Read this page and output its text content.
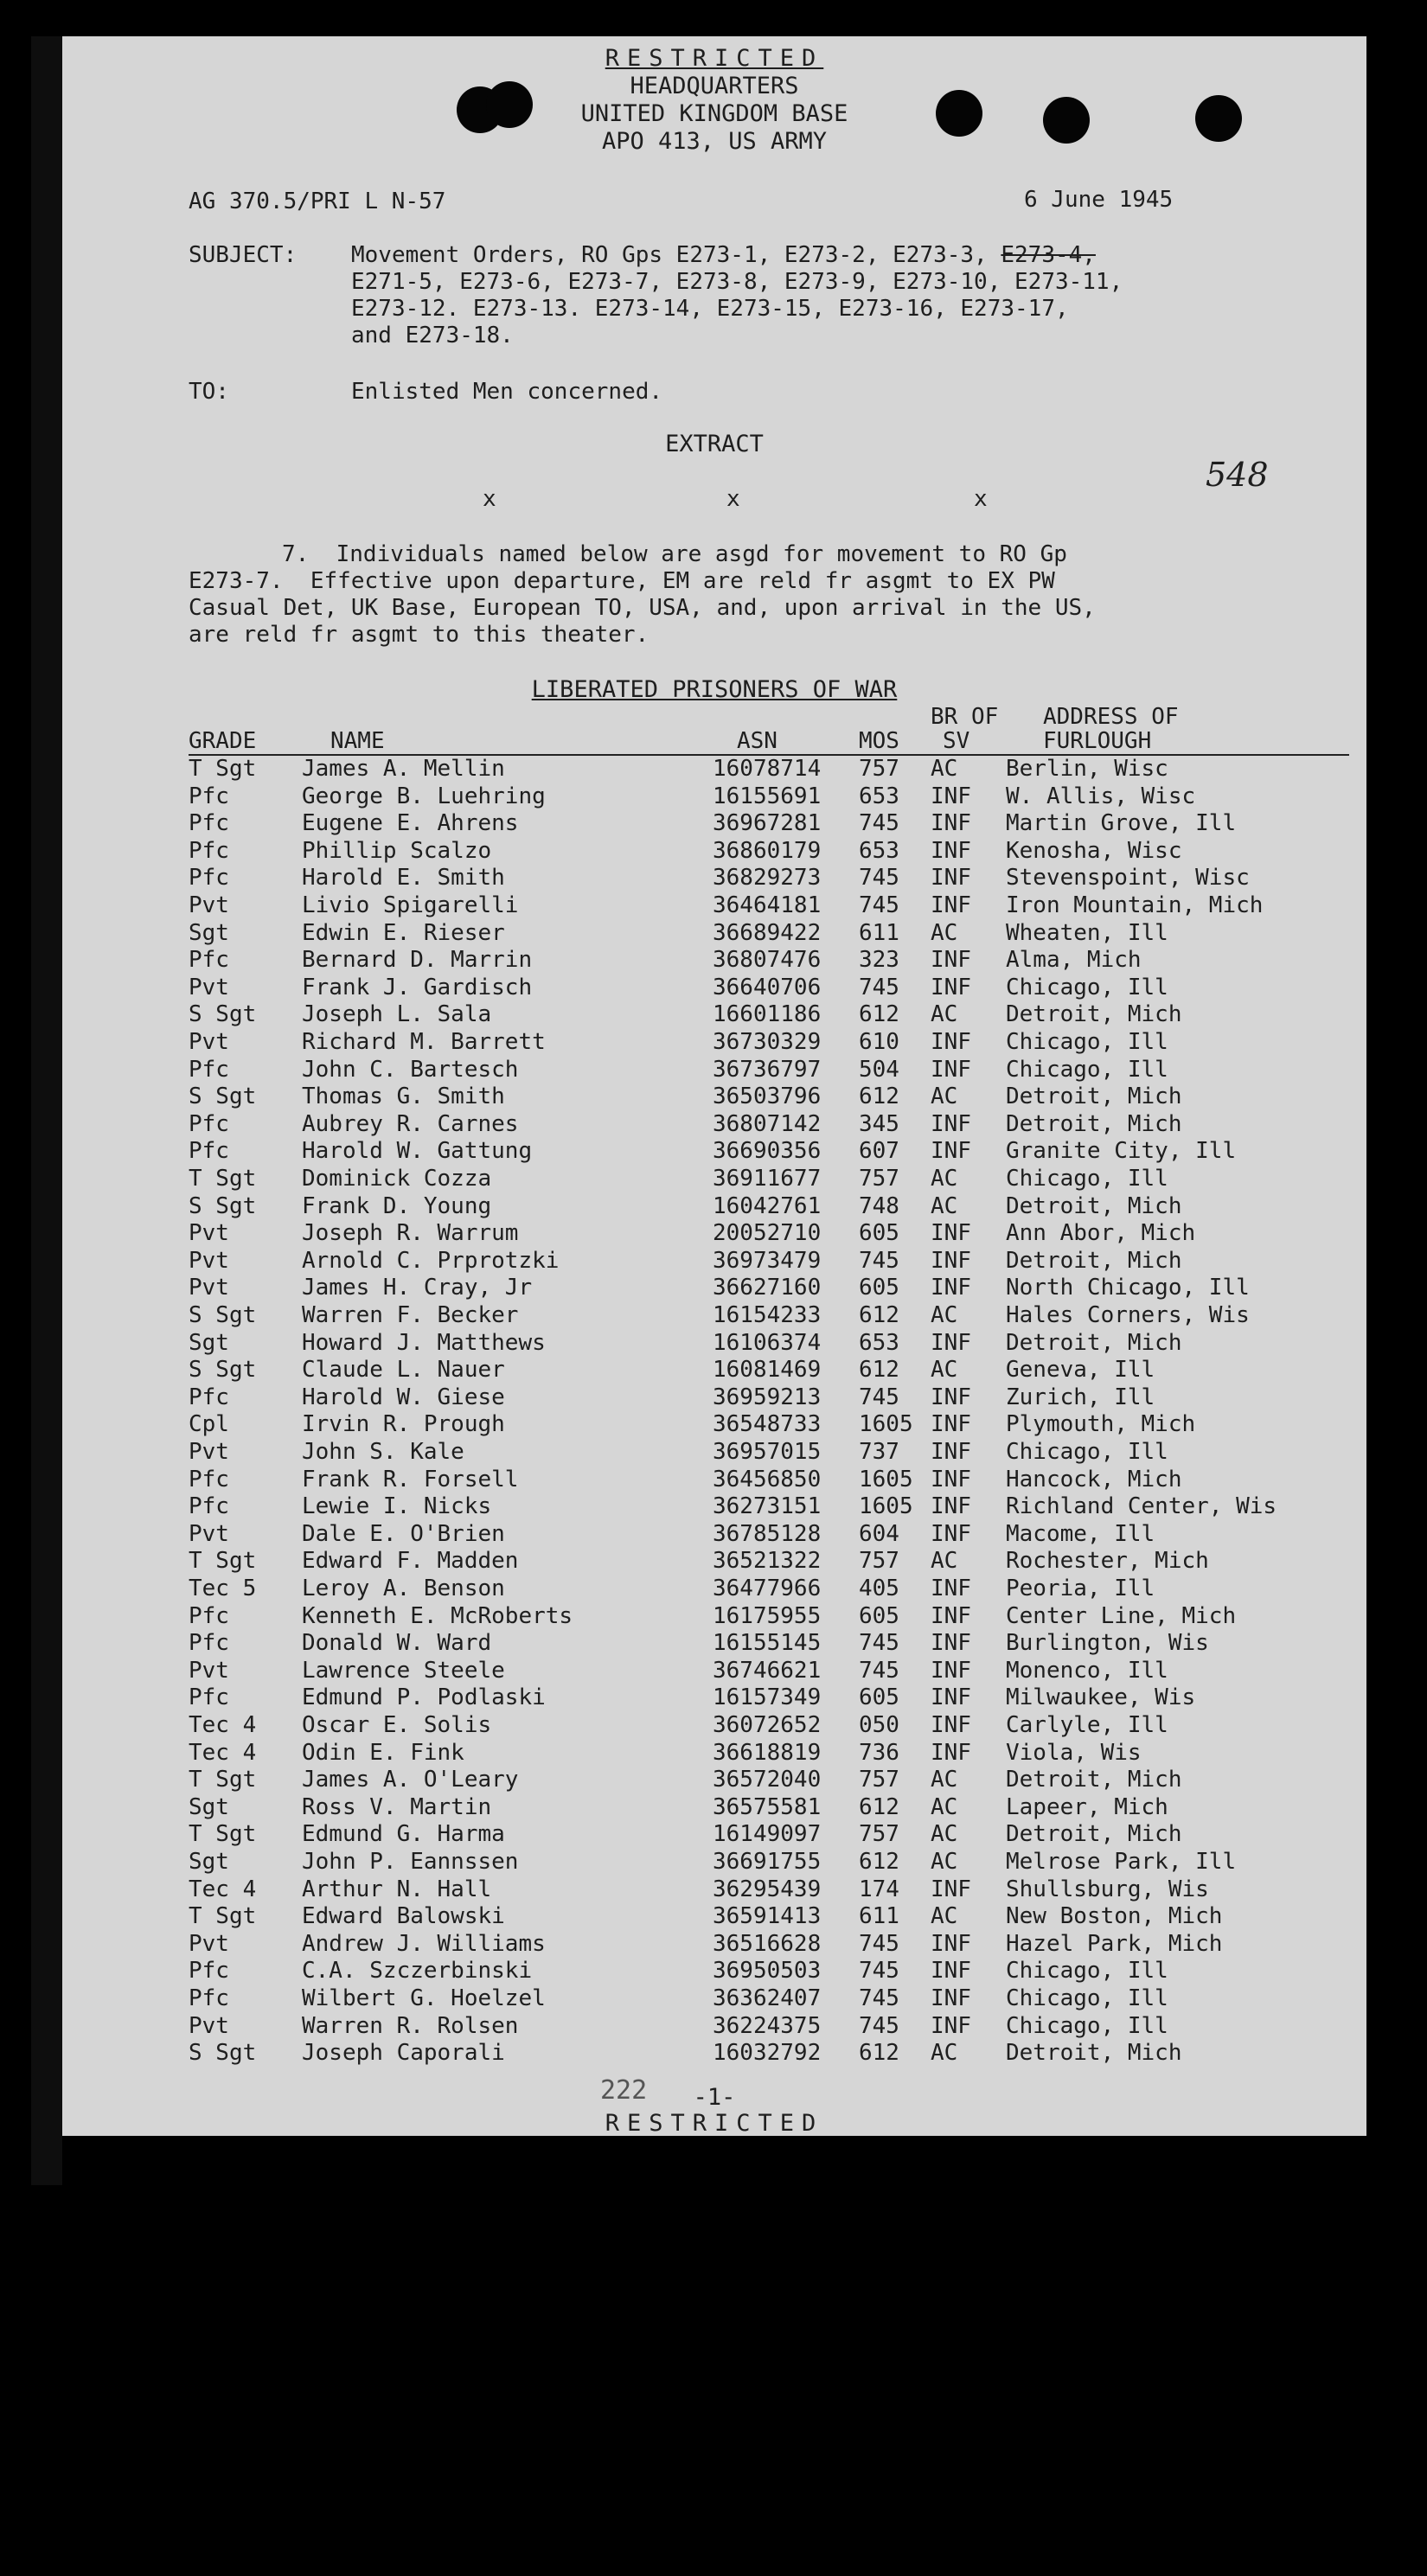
RESTRICTED
HEADQUARTERS
UNITED KINGDOM BASE
APO 413, US ARMY
AG 370.5/PRI L N-57	6 June 1945
SUBJECT: Movement Orders, RO Gps E273-1, E273-2, E273-3, E273-4,
E271-5, E273-6, E273-7, E273-8, E273-9, E273-10, E273-11,
E273-12. E273-13. E273-14, E273-15, E273-16, E273-17,
and E273-18.
TO:	Enlisted Men concerned.
EXTRACT
x	x	x
548
7.  Individuals named below are asgd for movement to RO Gp
E273-7.  Effective upon departure, EM are reld fr asgmt to EX PW
Casual Det, UK Base, European TO, USA, and, upon arrival in the US,
are reld fr asgmt to this theater.
LIBERATED PRISONERS OF WAR
BR OF ADDRESS OF
GRADE	NAME	ASN	MOS SV	FURLOUGH
T Sgt James A. Mellin	16078714 757 AC Berlin, Wisc
Pfc	George B. Luehring	16155691 653 INF W. Allis, Wisc
Pfc	Eugene E. Ahrens	36967281 745 INF Martin Grove, Ill
Pfc	Phillip Scalzo	36860179 653 INF Kenosha, Wisc
Pfc	Harold E. Smith	36829273 745 INF Stevenspoint, Wisc
Pvt	Livio Spigarelli	36464181 745 INF Iron Mountain, Mich
Sgt	Edwin E. Rieser	36689422 611 AC Wheaten, Ill
Pfc	Bernard D. Marrin	36807476 323 INF Alma, Mich
Pvt	Frank J. Gardisch	36640706 745 INF Chicago, Ill
S Sgt Joseph L. Sala	16601186 612 AC Detroit, Mich
Pvt	Richard M. Barrett	36730329 610 INF Chicago, Ill
Pfc	John C. Bartesch	36736797 504 INF Chicago, Ill
S Sgt Thomas G. Smith	36503796 612 AC Detroit, Mich
Pfc	Aubrey R. Carnes	36807142 345 INF Detroit, Mich
Pfc	Harold W. Gattung	36690356 607 INF Granite City, Ill
T Sgt Dominick Cozza	36911677 757 AC Chicago, Ill
S Sgt Frank D. Young	16042761 748 AC Detroit, Mich
Pvt	Joseph R. Warrum	20052710 605 INF Ann Abor, Mich
Pvt	Arnold C. Prprotzki	36973479 745 INF Detroit, Mich
Pvt	James H. Cray, Jr	36627160 605 INF North Chicago, Ill
S Sgt Warren F. Becker	16154233 612 AC Hales Corners, Wis
Sgt	Howard J. Matthews	16106374 653 INF Detroit, Mich
S Sgt Claude L. Nauer	16081469 612 AC Geneva, Ill
Pfc	Harold W. Giese	36959213 745 INF Zurich, Ill
Cpl	Irvin R. Prough	36548733 1605 INF Plymouth, Mich
Pvt	John S. Kale	36957015 737 INF Chicago, Ill
Pfc	Frank R. Forsell	36456850 1605 INF Hancock, Mich
Pfc	Lewie I. Nicks	36273151 1605 INF Richland Center, Wis
Pvt	Dale E. O'Brien	36785128 604 INF Macome, Ill
T Sgt Edward F. Madden	36521322 757 AC Rochester, Mich
Tec 5 Leroy A. Benson	36477966 405 INF Peoria, Ill
Pfc	Kenneth E. McRoberts	16175955 605 INF Center Line, Mich
Pfc	Donald W. Ward	16155145 745 INF Burlington, Wis
Pvt	Lawrence Steele	36746621 745 INF Monenco, Ill
Pfc	Edmund P. Podlaski	16157349 605 INF Milwaukee, Wis
Tec 4 Oscar E. Solis	36072652 050 INF Carlyle, Ill
Tec 4 Odin E. Fink	36618819 736 INF Viola, Wis
T Sgt James A. O'Leary	36572040 757 AC Detroit, Mich
Sgt	Ross V. Martin	36575581 612 AC Lapeer, Mich
T Sgt Edmund G. Harma	16149097 757 AC Detroit, Mich
Sgt	John P. Eannssen	36691755 612 AC Melrose Park, Ill
Tec 4 Arthur N. Hall	36295439 174 INF Shullsburg, Wis
T Sgt Edward Balowski	36591413 611 AC New Boston, Mich
Pvt	Andrew J. Williams	36516628 745 INF Hazel Park, Mich
Pfc	C.A. Szczerbinski	36950503 745 INF Chicago, Ill
Pfc	Wilbert G. Hoelzel	36362407 745 INF Chicago, Ill
Pvt	Warren R. Rolsen	36224375 745 INF Chicago, Ill
S Sgt Joseph Caporali	16032792 612 AC Detroit, Mich
222	-1-
RESTRICTED
